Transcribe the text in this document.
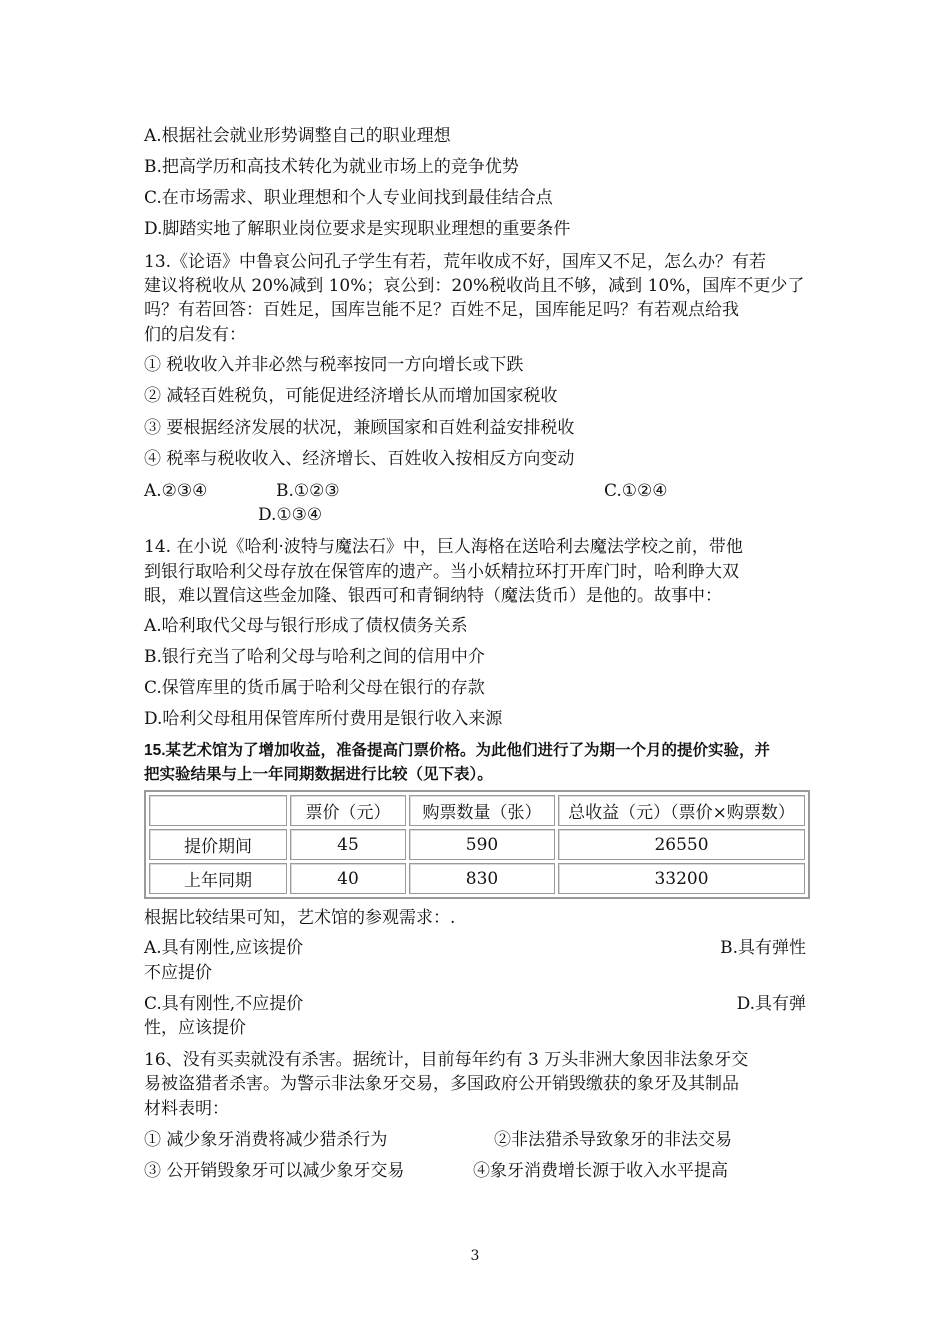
A.根据社会就业形势调整自己的职业理想
B.把高学历和高技术转化为就业市场上的竞争优势
C.在市场需求、职业理想和个人专业间找到最佳结合点
D.脚踏实地了解职业岗位要求是实现职业理想的重要条件
13.《论语》中鲁哀公问孔子学生有若，荒年收成不好，国库又不足，怎么办？有若
建议将税收从 20%减到 10%；哀公到：20%税收尚且不够，减到 10%，国库不更少了
吗？有若回答：百姓足，国库岂能不足？百姓不足，国库能足吗？有若观点给我
们的启发有：
① 税收收入并非必然与税率按同一方向增长或下跌
② 减轻百姓税负，可能促进经济增长从而增加国家税收
③ 要根据经济发展的状况，兼顾国家和百姓利益安排税收
④ 税率与税收收入、经济增长、百姓收入按相反方向变动
A.②③④	B.①②③	C.①②④
D.①③④
14. 在小说《哈利·波特与魔法石》中，巨人海格在送哈利去魔法学校之前，带他
到银行取哈利父母存放在保管库的遗产。当小妖精拉环打开库门时，哈利睁大双
眼，难以置信这些金加隆、银西可和青铜纳特（魔法货币）是他的。故事中：
A.哈利取代父母与银行形成了债权债务关系
B.银行充当了哈利父母与哈利之间的信用中介
C.保管库里的货币属于哈利父母在银行的存款
D.哈利父母租用保管库所付费用是银行收入来源
15.某艺术馆为了增加收益，准备提高门票价格。为此他们进行了为期一个月的提价实验，并
把实验结果与上一年同期数据进行比较（见下表）。
	票价（元）	购票数量（张）	总收益（元）（票价×购票数）
提价期间	45	590	26550
上年同期	40	830	33200
根据比较结果可知，艺术馆的参观需求：.
A.具有刚性,应该提价	B.具有弹性
不应提价
C.具有刚性,不应提价	D.具有弹
性，应该提价
16、没有买卖就没有杀害。据统计，目前每年约有 3 万头非洲大象因非法象牙交
易被盗猎者杀害。为警示非法象牙交易，多国政府公开销毁缴获的象牙及其制品
材料表明：
① 减少象牙消费将减少猎杀行为	②非法猎杀导致象牙的非法交易
③ 公开销毁象牙可以减少象牙交易	④象牙消费增长源于收入水平提高
3
